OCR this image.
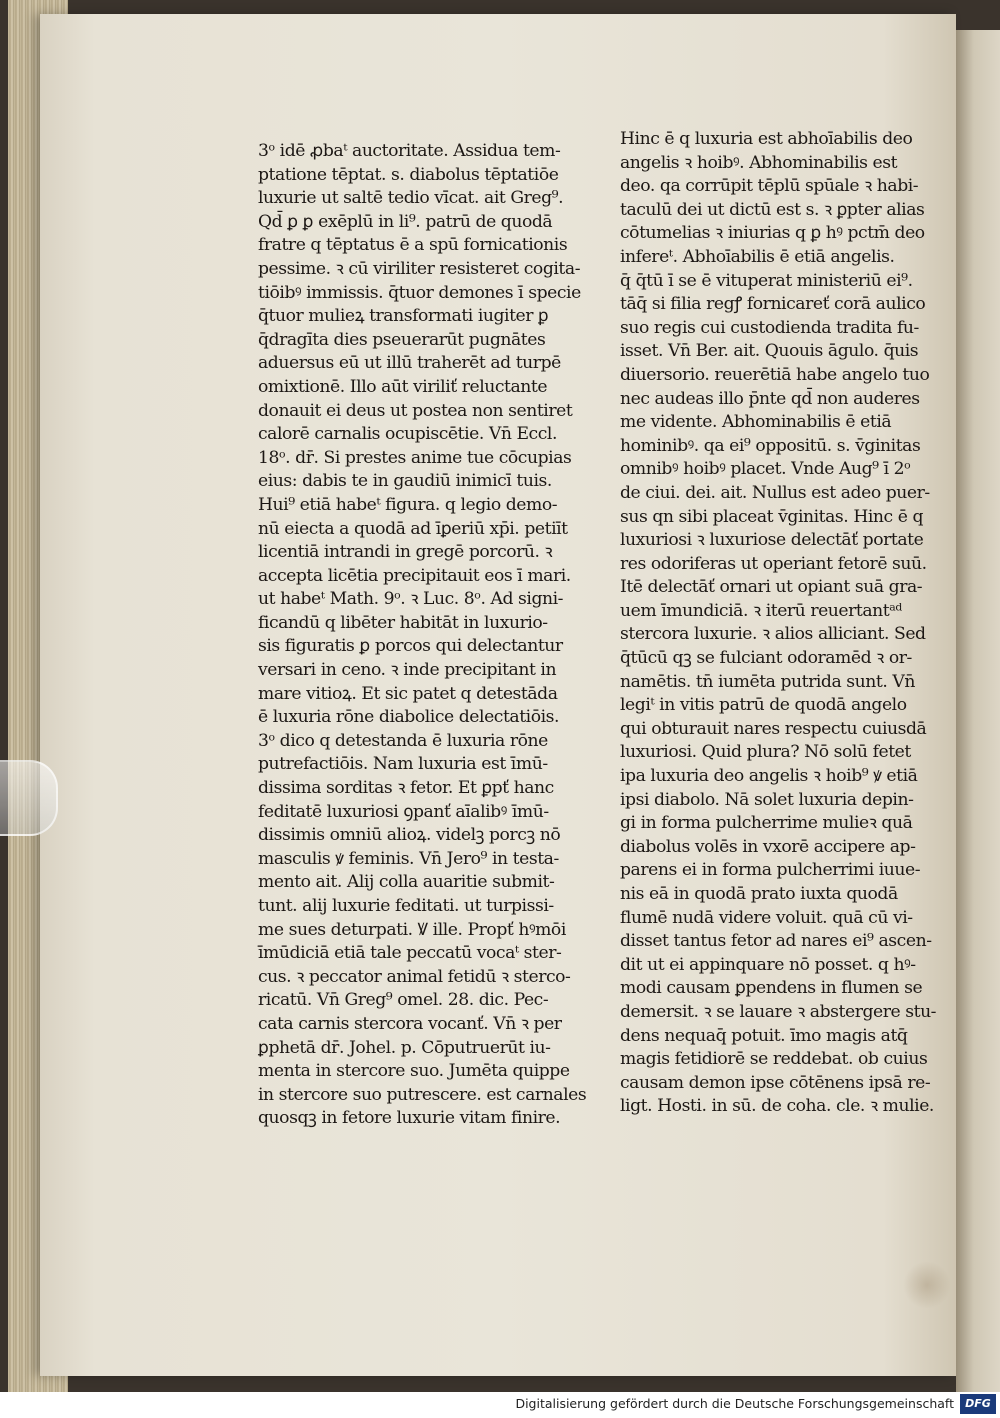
3ᵒ idē ꝓbaᵗ auctoritate. Assidua tem-
ptatione tēptat. s. diabolus tēptatiōe
luxurie ut saltē tedio vīcat. ait Greg⁹.
Qd̄ ꝑ ꝑ exēplū in li⁹. patrū de quodā
fratre q tēptatus ē a spū fornicationis
pessime. ꝛ cū viriliter resisteret cogita-
tiōibꝰ immissis. q̄tuor demones ī specie
q̄tuor mulieꝝ transformati iugiter ꝑ
q̄dragīta dies pseuerarūt pugnātes
aduersus eū ut illū traherēt ad turpē
omixtionē. Illo aūt viriliť reluctante
donauit ei deus ut postea non sentiret
calorē carnalis ocupiscētie. Vn̄ Eccl.
18ᵒ. dr̄. Si prestes anime tue cōcupias
eius: dabis te in gaudiū inimicī tuis.
Hui⁹ etiā habeᵗ figura. q legio demo-
nū eiecta a quodā ad īꝑeriū xp̄i. petiīt
licentiā intrandi in gregē porcorū. ꝛ
accepta licētia precipitauit eos ī mari.
ut habeᵗ Math. 9ᵒ. ꝛ Luc. 8ᵒ. Ad signi-
ficandū q libēter habitāt in luxurio-
sis figuratis ꝑ porcos qui delectantur
versari in ceno. ꝛ inde precipitant in
mare vitioꝝ. Et sic patet q detestāda
ē luxuria rōne diabolice delectatiōis.
3ᵒ dico q detestanda ē luxuria rōne
putrefactiōis. Nam luxuria est īmū-
dissima sorditas ꝛ fetor. Et ꝑpť hanc
feditatē luxuriosi ꝯpanť aīalibꝰ īmū-
dissimis omniū alioꝝ. videlꝫ porcꝫ nō
masculis ꝟ feminis. Vn̄ Jero⁹ in testa-
mento ait. Alij colla auaritie submit-
tunt. alij luxurie feditati. ut turpissi-
me sues deturpati. Ꝟ ille. Propť hꝰmōi
īmūdiciā etiā tale peccatū vocaᵗ ster-
cus. ꝛ peccator animal fetidū ꝛ sterco-
ricatū. Vn̄ Greg⁹ omel. 28. dic. Pec-
cata carnis stercora vocanť. Vn̄ ꝛ per
ꝑphetā dr̄. Johel. p. Cōputruerūt iu-
menta in stercore suo. Jumēta quippe
in stercore suo putrescere. est carnales
quosqꝫ in fetore luxurie vitam finire.
Hinc ē q luxuria est abhoīabilis deo
angelis ꝛ hoibꝰ. Abhominabilis est
deo. qa corrūpit tēplū spūale ꝛ habi-
taculū dei ut dictū est s. ꝛ ꝑpter alias
cōtumelias ꝛ iniurias q ꝑ hꝰ pctm̄ deo
infereᵗ. Abhoīabilis ē etiā angelis.
q̄ q̄tū ī se ē vituperat ministeriū ei⁹.
tāq̄ si filia regꝭ fornicareť corā aulico
suo regis cui custodienda tradita fu-
isset. Vn̄ Ber. ait. Quouis āgulo. q̄uis
diuersorio. reuerētiā habe angelo tuo
nec audeas illo p̄nte qd̄ non auderes
me vidente. Abhominabilis ē etiā
hominibꝰ. qa ei⁹ oppositū. s. v̄ginitas
omnibꝰ hoibꝰ placet. Vnde Aug⁹ ī 2ᵒ
de ciui. dei. ait. Nullus est adeo puer-
sus qn sibi placeat v̄ginitas. Hinc ē q
luxuriosi ꝛ luxuriose delectāť portate
res odoriferas ut operiant fetorē suū.
Itē delectāť ornari ut opiant suā gra-
uem īmundiciā. ꝛ iterū reuertantᵃᵈ
stercora luxurie. ꝛ alios alliciant. Sed
q̄tūcū qꝫ se fulciant odoramēd ꝛ or-
namētis. tn̄ iumēta putrida sunt. Vn̄
legiᵗ in vitis patrū de quodā angelo
qui obturauit nares respectu cuiusdā
luxuriosi. Quid plura? Nō solū fetet
ipa luxuria deo angelis ꝛ hoib⁹ ꝟ etiā
ipsi diabolo. Nā solet luxuria depin-
gi in forma pulcherrime mulieꝛ quā
diabolus volēs in vxorē accipere ap-
parens ei in forma pulcherrimi iuue-
nis eā in quodā prato iuxta quodā
flumē nudā videre voluit. quā cū vi-
disset tantus fetor ad nares ei⁹ ascen-
dit ut ei appinquare nō posset. q hꝰ-
modi causam ꝑpendens in flumen se
demersit. ꝛ se lauare ꝛ abstergere stu-
dens nequaq̄ potuit. īmo magis atq̄
magis fetidiorē se reddebat. ob cuius
causam demon ipse cōtēnens ipsā re-
ligt. Hosti. in sū. de coha. cle. ꝛ mulie.
Digitalisierung gefördert durch die Deutsche Forschungsgemeinschaft	DFG
